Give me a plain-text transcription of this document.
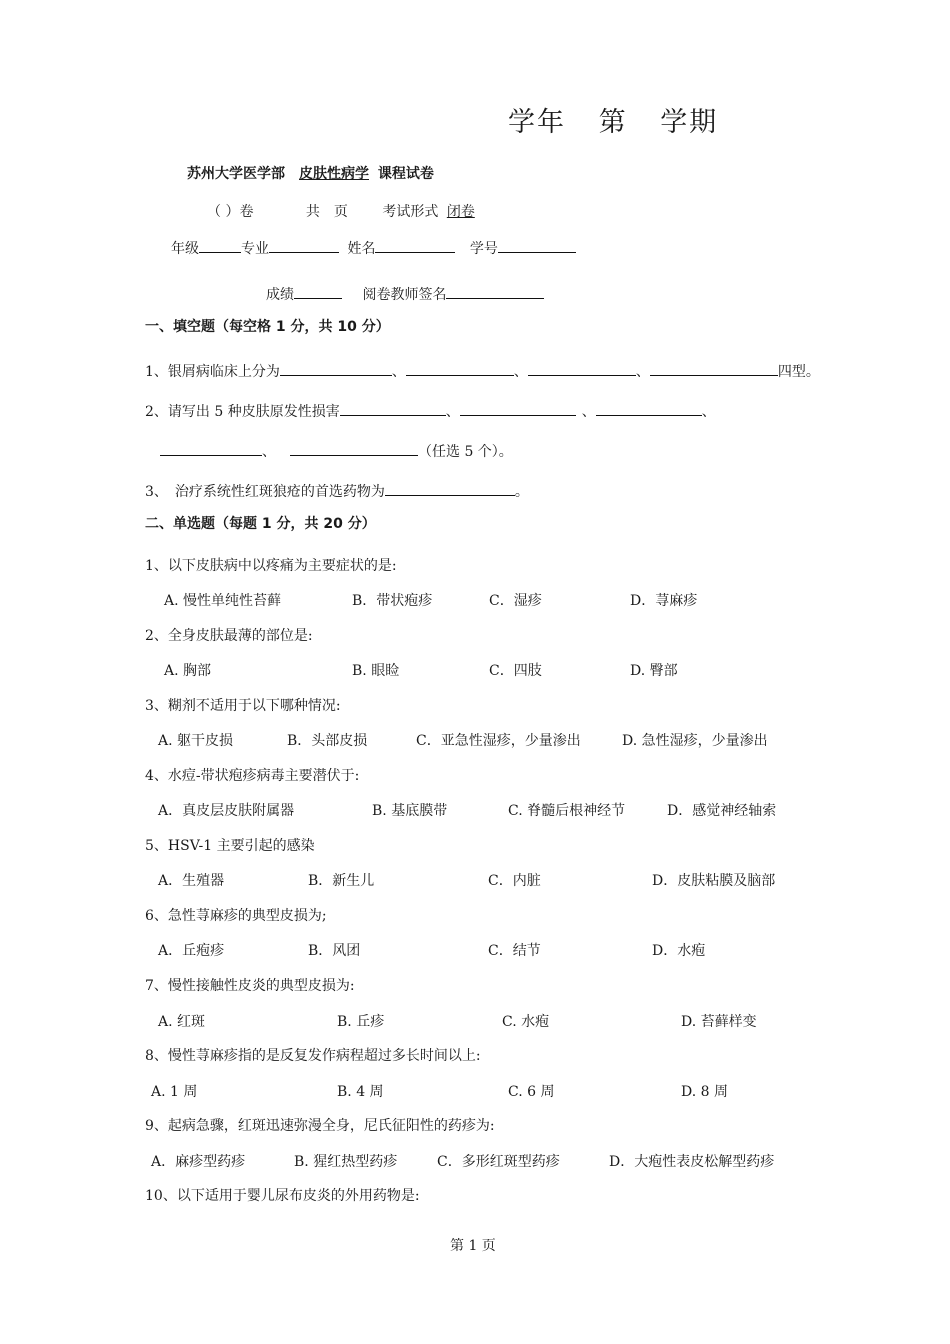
学年 第 学期
苏州大学医学部 皮肤性病学 课程试卷
（ ）卷	共　页 考试形式 闭卷
年级	专业	姓名	学号
成绩	阅卷教师签名
一、填空题（每空格 1 分，共 10 分）
1、银屑病临床上分为	、	、	、	四型。
2、请写出 5 种皮肤原发性损害	、	、	、
、	（任选 5 个）。
3、　治疗系统性红斑狼疮的首选药物为	。
二、单选题（每题 1 分，共 20 分）
1、以下皮肤病中以疼痛为主要症状的是:
A. 慢性单纯性苔藓	B．带状疱疹	C．湿疹	D．荨麻疹
2、全身皮肤最薄的部位是:
A. 胸部	B. 眼睑	C．四肢	D. 臀部
3、糊剂不适用于以下哪种情况:
A. 躯干皮损	B．头部皮损	C．亚急性湿疹，少量渗出	D. 急性湿疹，少量渗出
4、水痘-带状疱疹病毒主要潜伏于:
A．真皮层皮肤附属器	B. 基底膜带	C. 脊髓后根神经节	D．感觉神经轴索
5、HSV-1 主要引起的感染
A．生殖器	B．新生儿	C．内脏	D．皮肤粘膜及脑部
6、急性荨麻疹的典型皮损为;
A．丘疱疹	B．风团	C．结节	D．水疱
7、慢性接触性皮炎的典型皮损为:
A. 红斑	B. 丘疹	C. 水疱	D. 苔藓样变
8、慢性荨麻疹指的是反复发作病程超过多长时间以上:
A. 1 周	B. 4 周	C. 6 周	D. 8 周
9、起病急骤，红斑迅速弥漫全身，尼氏征阳性的药疹为:
A．麻疹型药疹	B. 猩红热型药疹	C．多形红斑型药疹	D．大疱性表皮松解型药疹
10、以下适用于婴儿尿布皮炎的外用药物是:
第 1 页
